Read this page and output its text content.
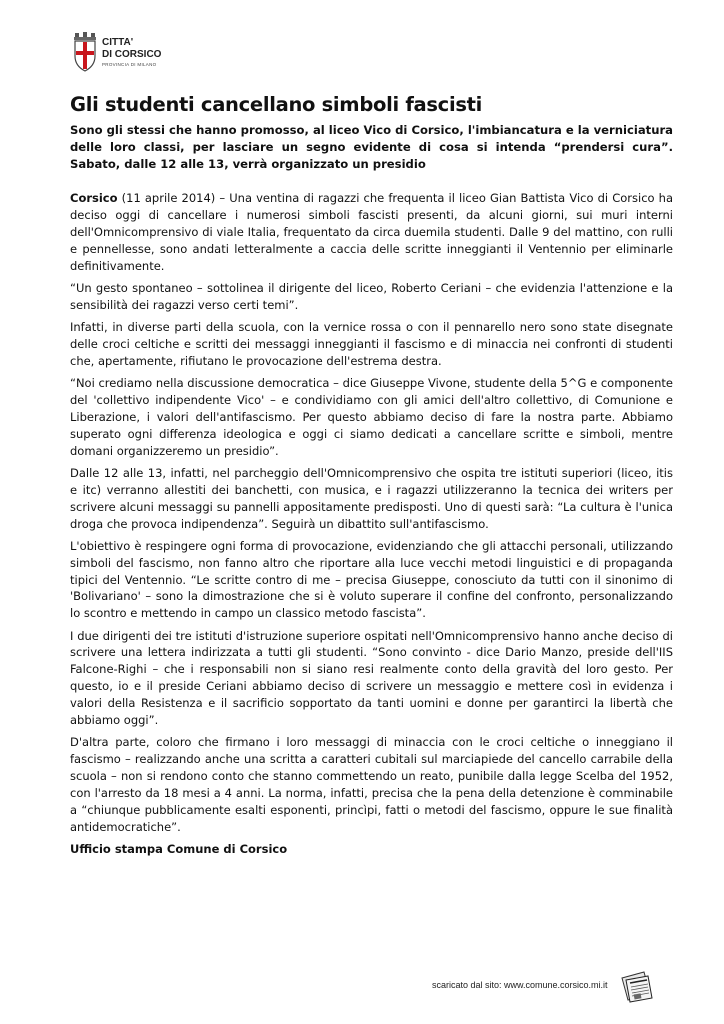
CITTA'
DI CORSICO
PROVINCIA DI MILANO
Gli studenti cancellano simboli fascisti
Sono gli stessi che hanno promosso, al liceo Vico di Corsico, l'imbiancatura e la verniciatura delle loro classi, per lasciare un segno evidente di cosa si intenda “prendersi cura”. Sabato, dalle 12 alle 13, verrà organizzato un presidio

Corsico (11 aprile 2014) – Una ventina di ragazzi che frequenta il liceo Gian Battista Vico di Corsico ha deciso oggi di cancellare i numerosi simboli fascisti presenti, da alcuni giorni, sui muri interni dell'Omnicomprensivo di viale Italia, frequentato da circa duemila studenti. Dalle 9 del mattino, con rulli e pennellesse, sono andati letteralmente a caccia delle scritte inneggianti il Ventennio per eliminarle definitivamente.

“Un gesto spontaneo – sottolinea il dirigente del liceo, Roberto Ceriani – che evidenzia l'attenzione e la sensibilità dei ragazzi verso certi temi”.

Infatti, in diverse parti della scuola, con la vernice rossa o con il pennarello nero sono state disegnate delle croci celtiche e scritti dei messaggi inneggianti il fascismo e di minaccia nei confronti di studenti che, apertamente, rifiutano le provocazione dell'estrema destra.

“Noi crediamo nella discussione democratica – dice Giuseppe Vivone, studente della 5^G e componente del 'collettivo indipendente Vico' – e condividiamo con gli amici dell'altro collettivo, di Comunione e Liberazione, i valori dell'antifascismo. Per questo abbiamo deciso di fare la nostra parte. Abbiamo superato ogni differenza ideologica e oggi ci siamo dedicati a cancellare scritte e simboli, mentre domani organizzeremo un presidio”.

Dalle 12 alle 13, infatti, nel parcheggio dell'Omnicomprensivo che ospita tre istituti superiori (liceo, itis e itc) verranno allestiti dei banchetti, con musica, e i ragazzi utilizzeranno la tecnica dei writers per scrivere alcuni messaggi su pannelli appositamente predisposti. Uno di questi sarà: “La cultura è l'unica droga che provoca indipendenza”. Seguirà un dibattito sull'antifascismo.

L'obiettivo è respingere ogni forma di provocazione, evidenziando che gli attacchi personali, utilizzando simboli del fascismo, non fanno altro che riportare alla luce vecchi metodi linguistici e di propaganda tipici del Ventennio. “Le scritte contro di me – precisa Giuseppe, conosciuto da tutti con il sinonimo di 'Bolivariano' – sono la dimostrazione che si è voluto superare il confine del confronto, personalizzando lo scontro e mettendo in campo un classico metodo fascista”.

I due dirigenti dei tre istituti d'istruzione superiore ospitati nell'Omnicomprensivo hanno anche deciso di scrivere una lettera indirizzata a tutti gli studenti. “Sono convinto - dice Dario Manzo, preside dell'IIS Falcone-Righi – che i responsabili non si siano resi realmente conto della gravità del loro gesto. Per questo, io e il preside Ceriani abbiamo deciso di scrivere un messaggio e mettere così in evidenza i valori della Resistenza e il sacrificio sopportato da tanti uomini e donne per garantirci la libertà che abbiamo oggi”.

D'altra parte, coloro che firmano i loro messaggi di minaccia con le croci celtiche o inneggiano il fascismo – realizzando anche una scritta a caratteri cubitali sul marciapiede del cancello carrabile della scuola – non si rendono conto che stanno commettendo un reato, punibile dalla legge Scelba del 1952, con l'arresto da 18 mesi a 4 anni. La norma, infatti, precisa che la pena della detenzione è comminabile a “chiunque pubblicamente esalti esponenti, princìpi, fatti o metodi del fascismo, oppure le sue finalità antidemocratiche”.

Ufficio stampa Comune di Corsico
scaricato dal sito: www.comune.corsico.mi.it
